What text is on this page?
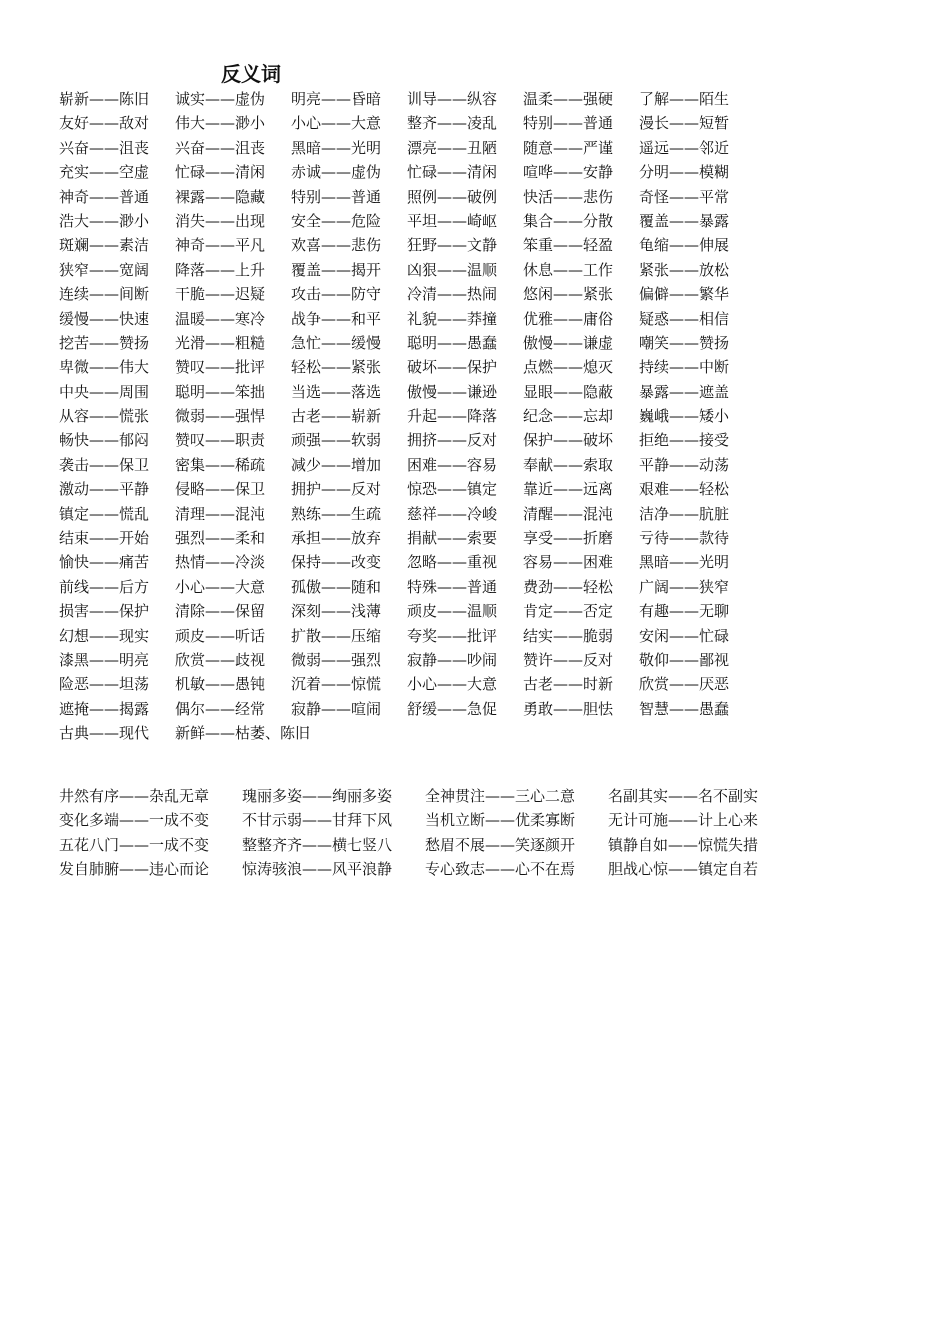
反义词
崭新——陈旧 诚实——虚伪 明亮——昏暗 训导——纵容 温柔——强硬 了解——陌生
友好——敌对 伟大——渺小 小心——大意 整齐——凌乱 特别——普通 漫长——短暂
兴奋——沮丧 兴奋——沮丧 黑暗——光明 漂亮——丑陋 随意——严谨 遥远——邻近
充实——空虚 忙碌——清闲 赤诚——虚伪 忙碌——清闲 喧哗——安静 分明——模糊
神奇——普通 裸露——隐藏 特别——普通 照例——破例 快活——悲伤 奇怪——平常
浩大——渺小 消失——出现 安全——危险 平坦——崎岖 集合——分散 覆盖——暴露
斑斓——素洁 神奇——平凡 欢喜——悲伤 狂野——文静 笨重——轻盈 龟缩——伸展
狭窄——宽阔 降落——上升 覆盖——揭开 凶狠——温顺 休息——工作 紧张——放松
连续——间断 干脆——迟疑 攻击——防守 冷清——热闹 悠闲——紧张 偏僻——繁华
缓慢——快速 温暖——寒冷 战争——和平 礼貌——莽撞 优雅——庸俗 疑惑——相信
挖苦——赞扬 光滑——粗糙 急忙——缓慢 聪明——愚蠢 傲慢——谦虚 嘲笑——赞扬
卑微——伟大 赞叹——批评 轻松——紧张 破坏——保护 点燃——熄灭 持续——中断
中央——周围 聪明——笨拙 当选——落选 傲慢——谦逊 显眼——隐蔽 暴露——遮盖
从容——慌张 微弱——强悍 古老——崭新 升起——降落 纪念——忘却 巍峨——矮小
畅快——郁闷 赞叹——职责 顽强——软弱 拥挤——反对 保护——破坏 拒绝——接受
袭击——保卫 密集——稀疏 减少——增加 困难——容易 奉献——索取 平静——动荡
激动——平静 侵略——保卫 拥护——反对 惊恐——镇定 靠近——远离 艰难——轻松
镇定——慌乱 清理——混沌 熟练——生疏 慈祥——冷峻 清醒——混沌 洁净——肮脏
结束——开始 强烈——柔和 承担——放弃 捐献——索要 享受——折磨 亏待——款待
愉快——痛苦 热情——冷淡 保持——改变 忽略——重视 容易——困难 黑暗——光明
前线——后方 小心——大意 孤傲——随和 特殊——普通 费劲——轻松 广阔——狭窄
损害——保护 清除——保留 深刻——浅薄 顽皮——温顺 肯定——否定 有趣——无聊
幻想——现实 顽皮——听话 扩散——压缩 夸奖——批评 结实——脆弱 安闲——忙碌
漆黑——明亮 欣赏——歧视 微弱——强烈 寂静——吵闹 赞许——反对 敬仰——鄙视
险恶——坦荡 机敏——愚钝 沉着——惊慌 小心——大意 古老——时新 欣赏——厌恶
遮掩——揭露 偶尔——经常 寂静——喧闹 舒缓——急促 勇敢——胆怯 智慧——愚蠢
古典——现代 新鲜——枯萎、陈旧
井然有序——杂乱无章 瑰丽多姿——绚丽多姿 全神贯注——三心二意 名副其实——名不副实
变化多端——一成不变 不甘示弱——甘拜下风 当机立断——优柔寡断 无计可施——计上心来
五花八门——一成不变 整整齐齐——横七竖八 愁眉不展——笑逐颜开 镇静自如——惊慌失措
发自肺腑——违心而论 惊涛骇浪——风平浪静 专心致志——心不在焉 胆战心惊——镇定自若
